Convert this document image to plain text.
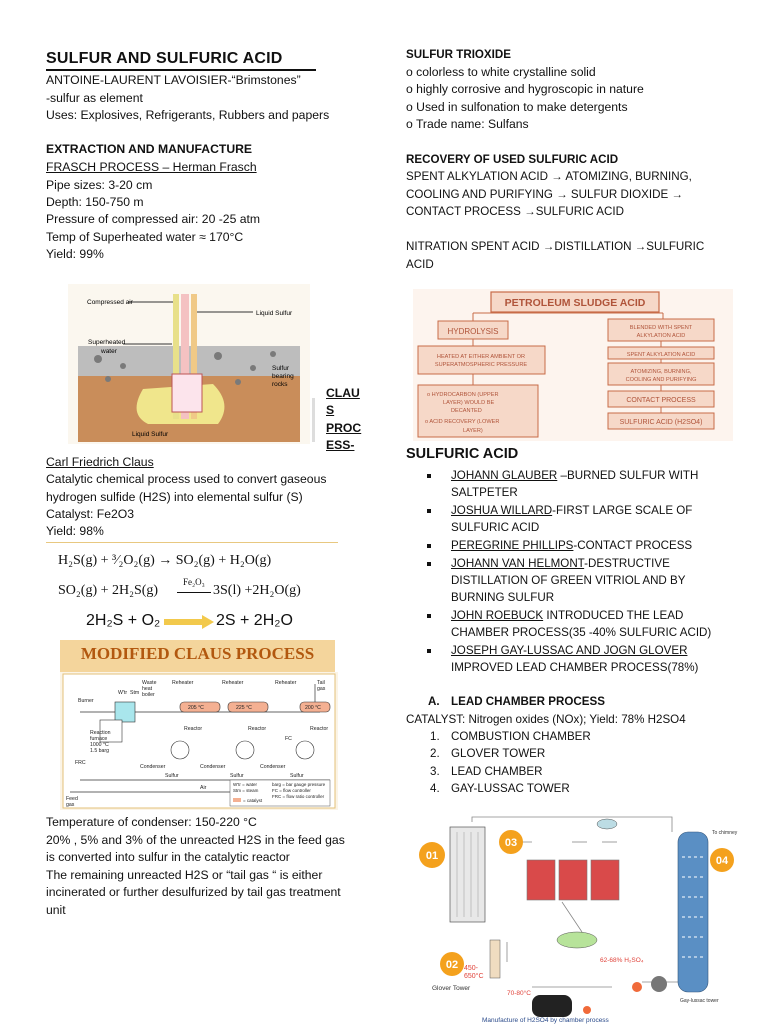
SULFUR AND SULFURIC ACID
ANTOINE-LAURENT LAVOISIER-“Brimstones”
-sulfur as element
Uses: Explosives, Refrigerants, Rubbers and papers
EXTRACTION AND MANUFACTURE
FRASCH PROCESS – Herman Frasch
Pipe sizes: 3-20 cm
Depth: 150-750 m
Pressure of compressed air: 20 -25 atm
Temp of Superheated water ≈ 170°C
Yield: 99%
Compressed air
Liquid Sulfur
Superheated
water
Sulfur
bearing
rocks
Liquid Sulfur
CLAU
S
PROC
ESS-
Carl Friedrich Claus
Catalytic chemical process used to convert gaseous
hydrogen sulfide (H2S) into elemental sulfur (S)
Catalyst: Fe2O3
Yield: 98%
H₂S(g) + ³⁄₂O₂(g) → SO₂(g) + H₂O(g)
SO₂(g) + 2H₂S(g)
Fe₂O₃
3S(l) +2H₂O(g)
2H₂S + O₂	2S + 2H₂O
MODIFIED CLAUS PROCESS
Tail
gas
Reheater	Reheater	Reheater
Waste
heat
boiler
Burner
W'tr Stm
Reaction
furnace
1000 °C
1.5 barg
205 °C	225 °C	200 °C
Reactor	Reactor	Reactor
Condenser	Condenser	Condenser
Sulfur	Sulfur	Sulfur
Air
FRC
FC
Feed
gas
W'tr = water
Stm = steam
= catalyst
barg = bar gauge pressure
FC = flow controller
FRC = flow ratio controller
Temperature of condenser: 150-220 °C
20% , 5% and 3% of the unreacted H2S in the feed gas
is converted into sulfur in the catalytic reactor
The remaining unreacted H2S or “tail gas “ is either
incinerated or further desulfurized by tail gas treatment
unit
SULFUR TRIOXIDE
o colorless to white crystalline solid
o highly corrosive and hygroscopic in nature
o Used in sulfonation to make detergents
o Trade name: Sulfans
RECOVERY OF USED SULFURIC ACID
SPENT ALKYLATION ACID → ATOMIZING, BURNING,
COOLING AND PURIFYING → SULFUR DIOXIDE →
CONTACT PROCESS →SULFURIC ACID
NITRATION SPENT ACID →DISTILLATION →SULFURIC
ACID
PETROLEUM SLUDGE ACID
HYDROLYSIS	BLENDED WITH SPENT
ALKYLATION ACID
HEATED AT EITHER AMBIENT OR
SUPERATMOSPHERIC PRESSURE
SPENT ALKYLATION ACID
ATOMIZING, BURNING,
COOLING AND PURIFYING
o HYDROCARBON (UPPER
LAYER) WOULD BE
DECANTED
o ACID RECOVERY (LOWER
LAYER)
CONTACT PROCESS
SULFURIC ACID (H2SO4)
SULFURIC ACID
JOHANN GLAUBER –BURNED SULFUR WITH
SALTPETER
JOSHUA WILLARD-FIRST LARGE SCALE OF
SULFURIC ACID
PEREGRINE PHILLIPS-CONTACT PROCESS
JOHANN VAN HELMONT-DESTRUCTIVE
DISTILLATION OF GREEN VITRIOL AND BY
BURNING SULFUR
JOHN ROEBUCK INTRODUCED THE LEAD
CHAMBER PROCESS(35 -40% SULFURIC ACID)
JOSEPH GAY-LUSSAC AND JOGN GLOVER
IMPROVED LEAD CHAMBER PROCESS(78%)
A. LEAD CHAMBER PROCESS
CATALYST: Nitrogen oxides (NOx); Yield: 78% H2SO4
1. COMBUSTION CHAMBER
2. GLOVER TOWER
3. LEAD CHAMBER
4. GAY-LUSSAC TOWER
01
03
02
04
450-
650°C
70-80°C
Glover Tower
Gay-lussac tower
62-68% H₂SO₄
To chimney
Manufacture of H2SO4 by chamber process
